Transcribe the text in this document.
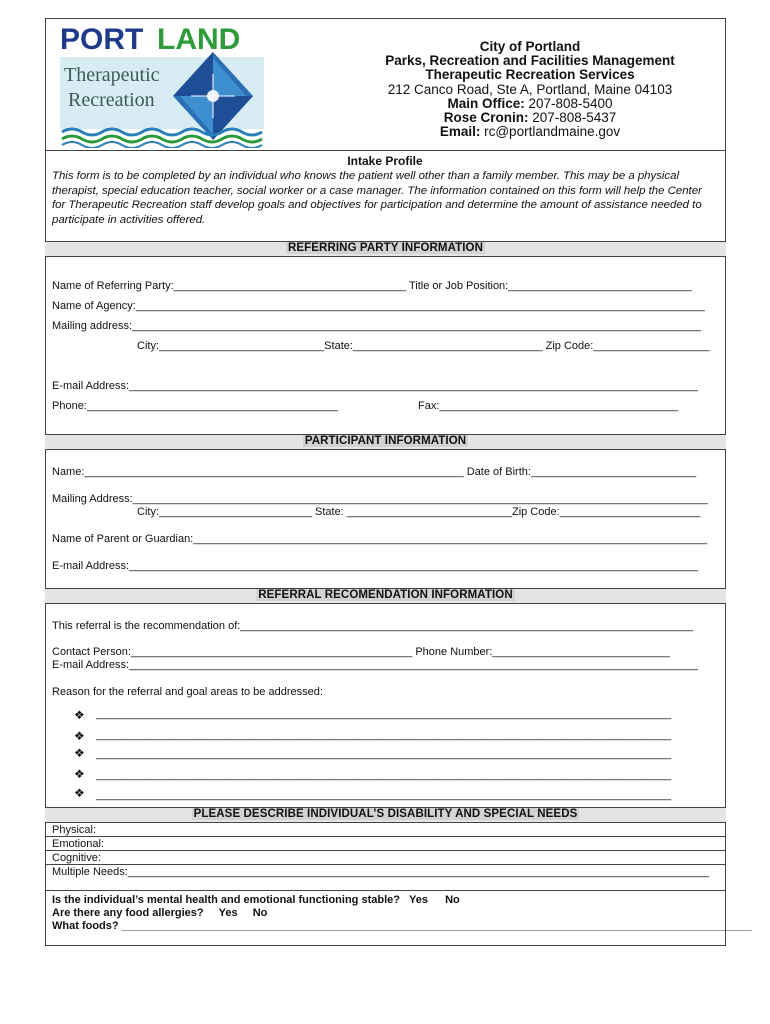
PORT LAND
Therapeutic
Recreation
City of Portland
Parks, Recreation and Facilities Management
Therapeutic Recreation Services
212 Canco Road, Ste A, Portland, Maine 04103
Main Office: 207-808-5400
Rose Cronin: 207-808-5437
Email: rc@portlandmaine.gov
Intake Profile
This form is to be completed by an individual who knows the patient well other than a family member. This may be a physical therapist, special education teacher, social worker or a case manager. The information contained on this form will help the Center for Therapeutic Recreation staff develop goals and objectives for participation and determine the amount of assistance needed to participate in activities offered.
REFERRING PARTY INFORMATION
Name of Referring Party:______________________________________ Title or Job Position:______________________________
Name of Agency:_____________________________________________________________________________________________
Mailing address:_____________________________________________________________________________________________
City:___________________________State:_______________________________ Zip Code:___________________
E-mail Address:_____________________________________________________________________________________________
Phone:_________________________________________	Fax:_______________________________________
PARTICIPANT INFORMATION
Name:______________________________________________________________ Date of Birth:___________________________
Mailing Address:______________________________________________________________________________________________
City:_________________________ State: ___________________________Zip Code:_______________________
Name of Parent or Guardian:____________________________________________________________________________________
E-mail Address:_____________________________________________________________________________________________
REFERRAL RECOMENDATION INFORMATION
This referral is the recommendation of:__________________________________________________________________________
Contact Person:______________________________________________ Phone Number:_____________________________
E-mail Address:_____________________________________________________________________________________________
Reason for the referral and goal areas to be addressed:
❖ ______________________________________________________________________________________________
❖ ______________________________________________________________________________________________
❖ ______________________________________________________________________________________________
❖ ______________________________________________________________________________________________
❖ ______________________________________________________________________________________________
PLEASE DESCRIBE INDIVIDUAL’S DISABILITY AND SPECIAL NEEDS
Physical:
Emotional:
Cognitive:
Multiple Needs:_______________________________________________________________________________________________
Is the individual’s mental health and emotional functioning stable? Yes No
Are there any food allergies? Yes No
What foods? _______________________________________________________________________________________________________
